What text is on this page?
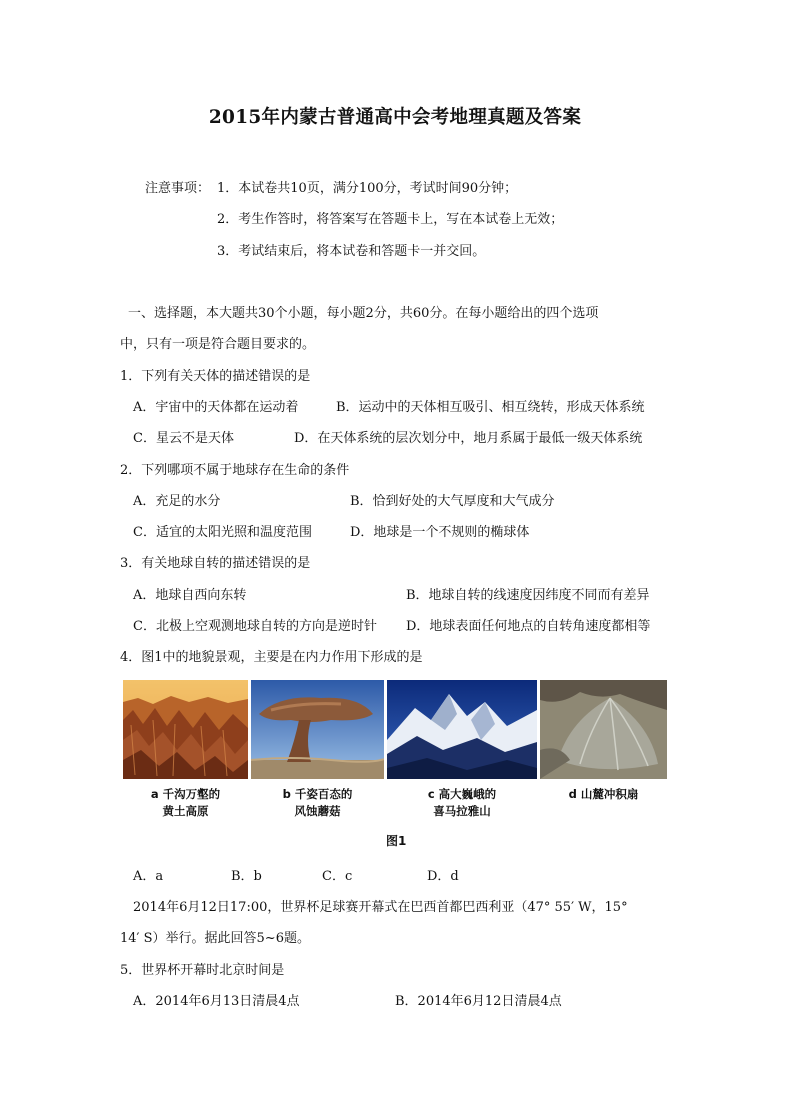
2015年内蒙古普通高中会考地理真题及答案
注意事项： 1．本试卷共10页，满分100分，考试时间90分钟；
2．考生作答时，将答案写在答题卡上，写在本试卷上无效；
3．考试结束后，将本试卷和答题卡一并交回。
一、选择题，本大题共30个小题，每小题2分，共60分。在每小题给出的四个选项
中，只有一项是符合题目要求的。
1．下列有关天体的描述错误的是
A．宇宙中的天体都在运动着	B．运动中的天体相互吸引、相互绕转，形成天体系统
C．星云不是天体	D．在天体系统的层次划分中，地月系属于最低一级天体系统
2．下列哪项不属于地球存在生命的条件
A．充足的水分	B．恰到好处的大气厚度和大气成分
C．适宜的太阳光照和温度范围	D．地球是一个不规则的椭球体
3．有关地球自转的描述错误的是
A．地球自西向东转	B．地球自转的线速度因纬度不同而有差异
C．北极上空观测地球自转的方向是逆时针 D．地球表面任何地点的自转角速度都相等
4．图1中的地貌景观，主要是在内力作用下形成的是
a 千沟万壑的
黄土高原
b 千姿百态的
风蚀蘑菇
c 高大巍峨的
喜马拉雅山
d 山麓冲积扇
图1
A．a	B．b	C．c	D．d
2014年6月12日17:00，世界杯足球赛开幕式在巴西首都巴西利亚（47° 55′ W，15°
14′ S）举行。据此回答5~6题。
5．世界杯开幕时北京时间是
A．2014年6月13日清晨4点	B．2014年6月12日清晨4点
